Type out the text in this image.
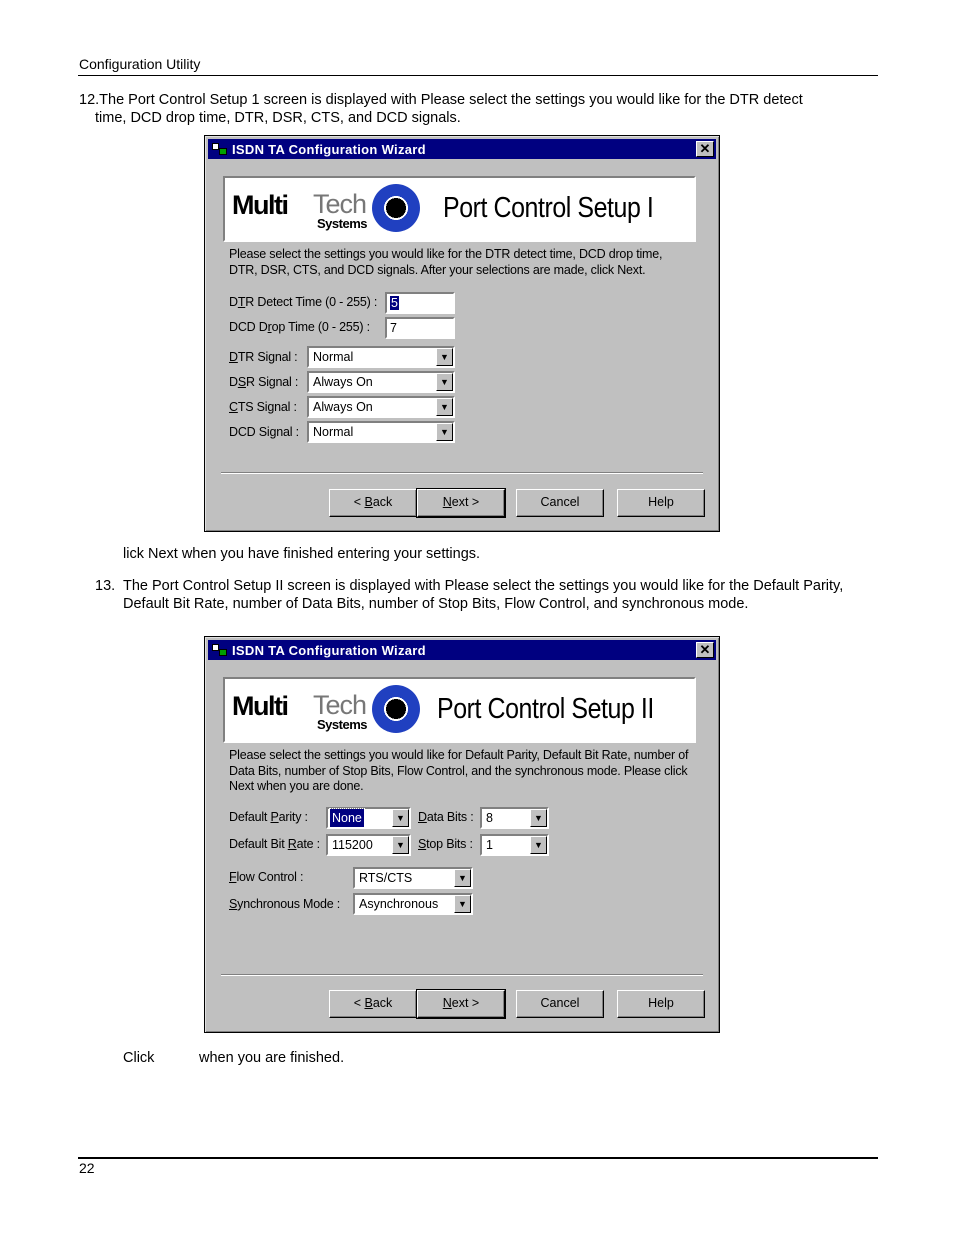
Configuration Utility
12.The Port Control Setup 1 screen is displayed with Please select the settings you would like for the DTR detect
time, DCD drop time, DTR, DSR, CTS, and DCD signals.
ISDN TA Configuration Wizard	✕
Multi Tech
Systems	Port Control Setup I
Please select the settings you would like for the DTR detect time, DCD drop time, DTR, DSR, CTS, and DCD signals. After your selections are made, click Next.
DTR Detect Time (0 - 255) :	5
DCD Drop Time (0 - 255) :	7
DTR Signal :	Normal	▼
DSR Signal :	Always On	▼
CTS Signal :	Always On	▼
DCD Signal :	Normal	▼
< Back	Next >	Cancel	Help
lick Next when you have finished entering your settings.
13. The Port Control Setup II screen is displayed with Please select the settings you would like for the Default Parity, Default Bit Rate, number of Data Bits, number of Stop Bits, Flow Control, and synchronous mode.
ISDN TA Configuration Wizard	✕
Multi Tech
Systems Port Control Setup II
Please select the settings you would like for Default Parity, Default Bit Rate, number of Data Bits, number of Stop Bits, Flow Control, and the synchronous mode. Please click Next when you are done.
Default Parity :	None	▼	Data Bits :	8	▼
Default Bit Rate : 115200	▼	Stop Bits :	1	▼
Flow Control :	RTS/CTS	▼
Synchronous Mode :	Asynchronous	▼
< Back	Next >	Cancel	Help
Click	when you are finished.
22
